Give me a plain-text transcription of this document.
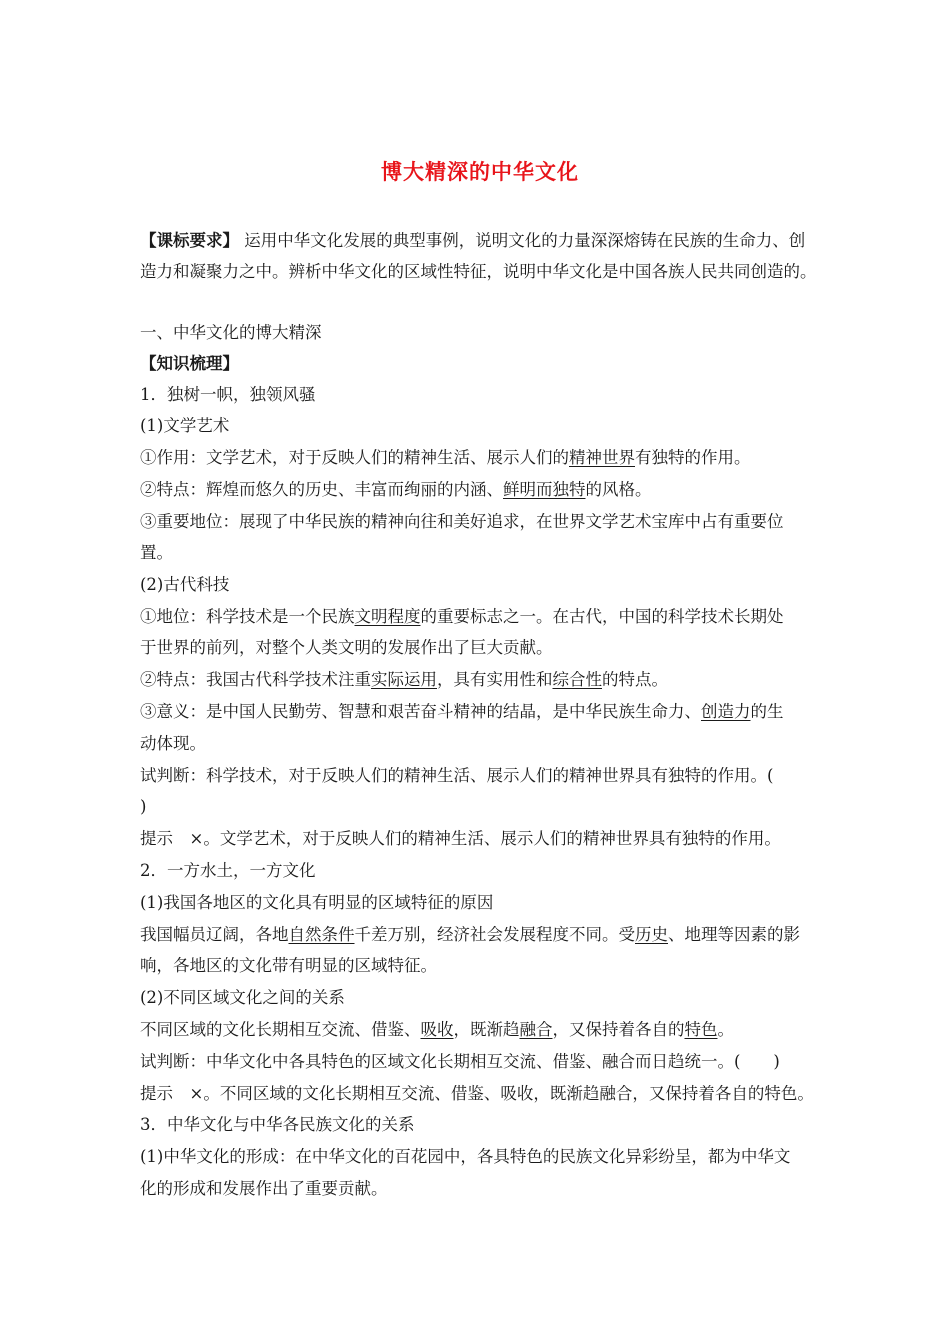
博大精深的中华文化
【课标要求】 运用中华文化发展的典型事例，说明文化的力量深深熔铸在民族的生命力、创
造力和凝聚力之中。辨析中华文化的区域性特征，说明中华文化是中国各族人民共同创造的。
一、中华文化的博大精深
【知识梳理】
1．独树一帜，独领风骚
(1)文学艺术
①作用：文学艺术，对于反映人们的精神生活、展示人们的精神世界有独特的作用。
②特点：辉煌而悠久的历史、丰富而绚丽的内涵、鲜明而独特的风格。
③重要地位：展现了中华民族的精神向往和美好追求，在世界文学艺术宝库中占有重要位
置。
(2)古代科技
①地位：科学技术是一个民族文明程度的重要标志之一。在古代，中国的科学技术长期处
于世界的前列，对整个人类文明的发展作出了巨大贡献。
②特点：我国古代科学技术注重实际运用，具有实用性和综合性的特点。
③意义：是中国人民勤劳、智慧和艰苦奋斗精神的结晶，是中华民族生命力、创造力的生
动体现。
试判断：科学技术，对于反映人们的精神生活、展示人们的精神世界具有独特的作用。(
)
提示　×。文学艺术，对于反映人们的精神生活、展示人们的精神世界具有独特的作用。
2．一方水土，一方文化
(1)我国各地区的文化具有明显的区域特征的原因
我国幅员辽阔，各地自然条件千差万别，经济社会发展程度不同。受历史、地理等因素的影
响，各地区的文化带有明显的区域特征。
(2)不同区域文化之间的关系
不同区域的文化长期相互交流、借鉴、吸收，既渐趋融合，又保持着各自的特色。
试判断：中华文化中各具特色的区域文化长期相互交流、借鉴、融合而日趋统一。(　　)
提示　×。不同区域的文化长期相互交流、借鉴、吸收，既渐趋融合，又保持着各自的特色。
3．中华文化与中华各民族文化的关系
(1)中华文化的形成：在中华文化的百花园中，各具特色的民族文化异彩纷呈，都为中华文
化的形成和发展作出了重要贡献。
